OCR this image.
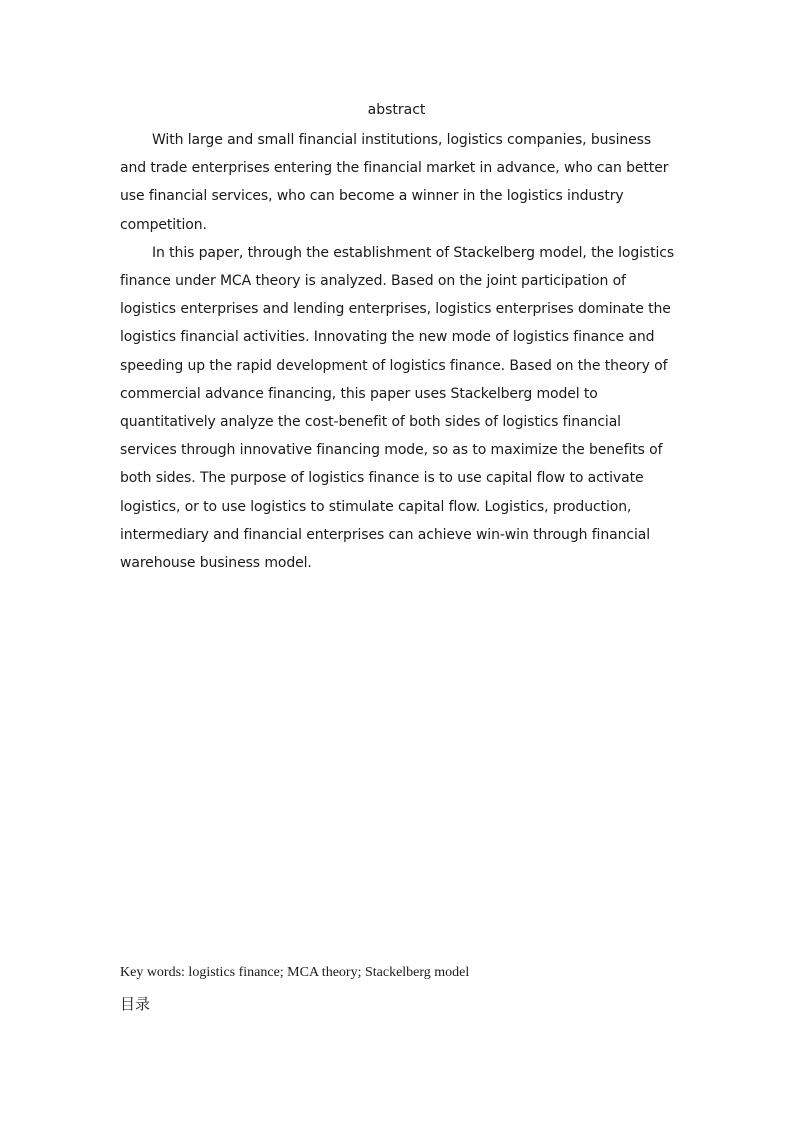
abstract

With large and small financial institutions, logistics companies, business and trade enterprises entering the financial market in advance, who can better use financial services, who can become a winner in the logistics industry competition.

In this paper, through the establishment of Stackelberg model, the logistics finance under MCA theory is analyzed. Based on the joint participation of logistics enterprises and lending enterprises, logistics enterprises dominate the logistics financial activities. Innovating the new mode of logistics finance and speeding up the rapid development of logistics finance. Based on the theory of commercial advance financing, this paper uses Stackelberg model to quantitatively analyze the cost-benefit of both sides of logistics financial services through innovative financing mode, so as to maximize the benefits of both sides. The purpose of logistics finance is to use capital flow to activate logistics, or to use logistics to stimulate capital flow. Logistics, production, intermediary and financial enterprises can achieve win-win through financial warehouse business model.

Key words: logistics finance; MCA theory; Stackelberg model

目录
